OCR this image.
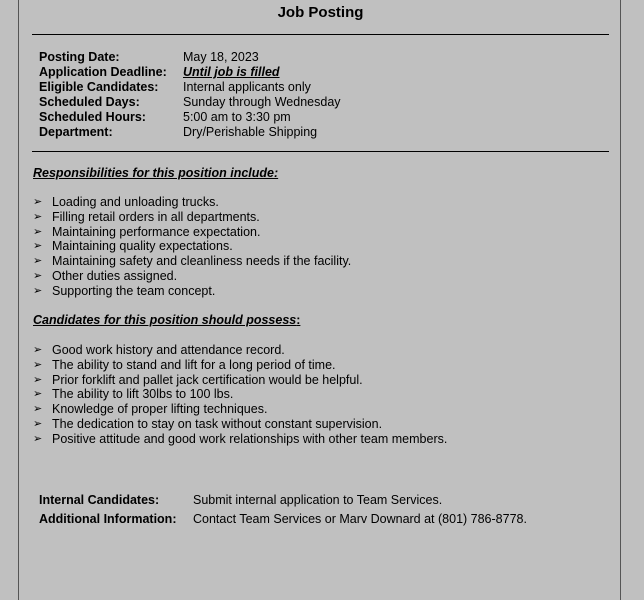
Job Posting
Posting Date:	May 18, 2023
Application Deadline:	Until job is filled
Eligible Candidates:	Internal applicants only
Scheduled Days:	Sunday through Wednesday
Scheduled Hours:	5:00 am to 3:30 pm
Department:	Dry/Perishable Shipping
Responsibilities for this position include:
➢ Loading and unloading trucks.
➢ Filling retail orders in all departments.
➢ Maintaining performance expectation.
➢ Maintaining quality expectations.
➢ Maintaining safety and cleanliness needs if the facility.
➢ Other duties assigned.
➢ Supporting the team concept.
Candidates for this position should possess:
➢ Good work history and attendance record.
➢ The ability to stand and lift for a long period of time.
➢ Prior forklift and pallet jack certification would be helpful.
➢ The ability to lift 30lbs to 100 lbs.
➢ Knowledge of proper lifting techniques.
➢ The dedication to stay on task without constant supervision.
➢ Positive attitude and good work relationships with other team members.
Internal Candidates:	Submit internal application to Team Services.
Additional Information:	Contact Team Services or Marv Downard at (801) 786-8778.
